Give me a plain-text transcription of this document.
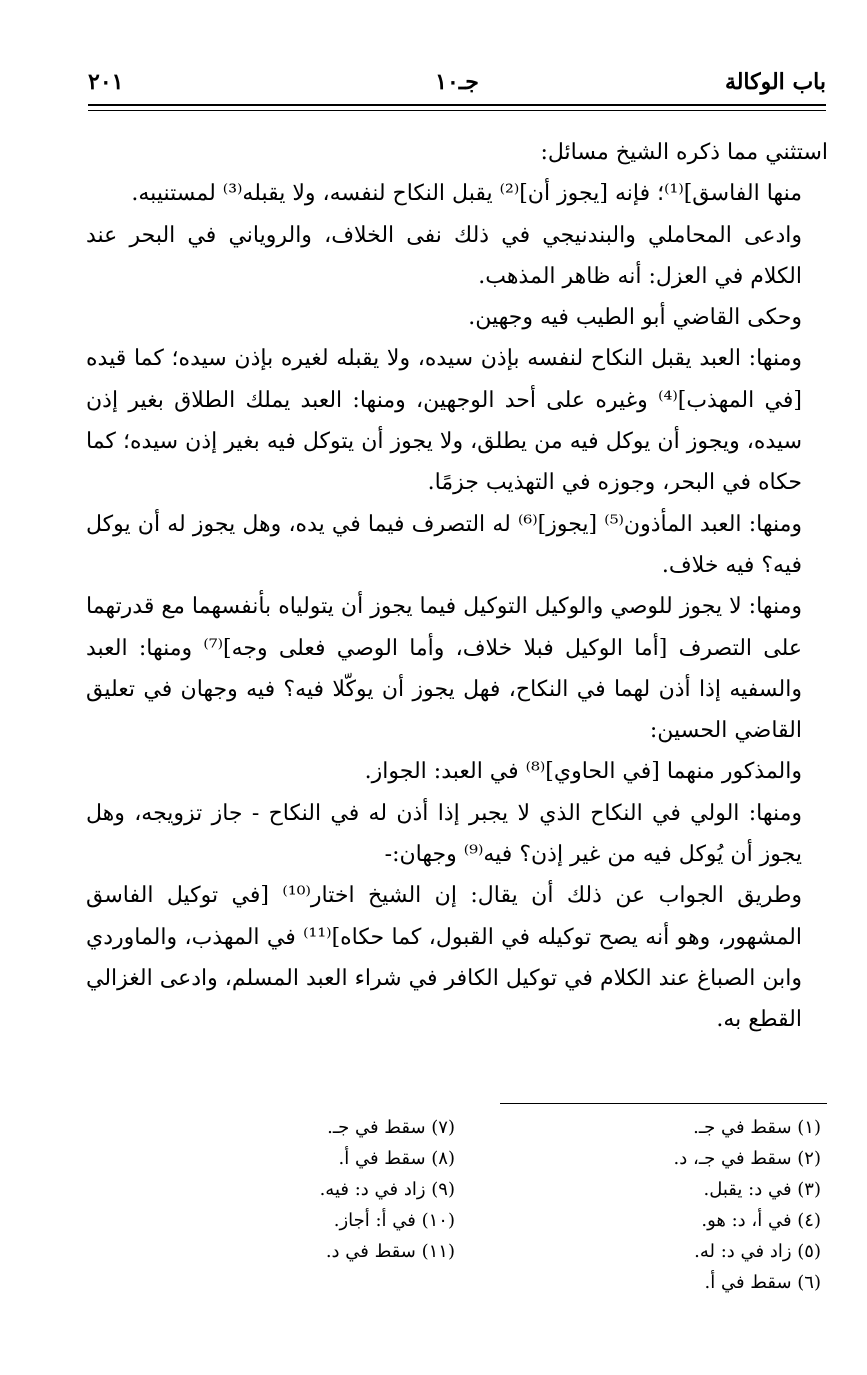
باب الوكالة
جـ١٠
٢٠١

استثني مما ذكره الشيخ مسائل:

منها الفاسق]⁽¹⁾؛ فإنه [يجوز أن]⁽²⁾ يقبل النكاح لنفسه، ولا يقبله⁽³⁾ لمستنيبه.

وادعى المحاملي والبندنيجي في ذلك نفى الخلاف، والروياني في البحر عند الكلام في العزل: أنه ظاهر المذهب.

وحكى القاضي أبو الطيب فيه وجهين.

ومنها: العبد يقبل النكاح لنفسه بإذن سيده، ولا يقبله لغيره بإذن سيده؛ كما قيده [في المهذب]⁽⁴⁾ وغيره على أحد الوجهين، ومنها: العبد يملك الطلاق بغير إذن سيده، ويجوز أن يوكل فيه من يطلق، ولا يجوز أن يتوكل فيه بغير إذن سيده؛ كما حكاه في البحر، وجوزه في التهذيب جزمًا.

ومنها: العبد المأذون⁽⁵⁾ [يجوز]⁽⁶⁾ له التصرف فيما في يده، وهل يجوز له أن يوكل فيه؟ فيه خلاف.

ومنها: لا يجوز للوصي والوكيل التوكيل فيما يجوز أن يتولياه بأنفسهما مع قدرتهما على التصرف [أما الوكيل فبلا خلاف، وأما الوصي فعلى وجه]⁽⁷⁾ ومنها: العبد والسفيه إذا أذن لهما في النكاح، فهل يجوز أن يوكّلا فيه؟ فيه وجهان في تعليق القاضي الحسين:

والمذكور منهما [في الحاوي]⁽⁸⁾ في العبد: الجواز.

ومنها: الولي في النكاح الذي لا يجبر إذا أذن له في النكاح - جاز تزويجه، وهل يجوز أن يُوكل فيه من غير إذن؟ فيه⁽⁹⁾ وجهان:-

وطريق الجواب عن ذلك أن يقال: إن الشيخ اختار⁽¹⁰⁾ [في توكيل الفاسق المشهور، وهو أنه يصح توكيله في القبول، كما حكاه]⁽¹¹⁾ في المهذب، والماوردي وابن الصباغ عند الكلام في توكيل الكافر في شراء العبد المسلم، وادعى الغزالي القطع به.

(١) سقط في جـ.
(٢) سقط في جـ، د.
(٣) في د: يقبل.
(٤) في أ، د: هو.
(٥) زاد في د: له.
(٦) سقط في أ.
(٧) سقط في جـ.
(٨) سقط في أ.
(٩) زاد في د: فيه.
(١٠) في أ: أجاز.
(١١) سقط في د.
